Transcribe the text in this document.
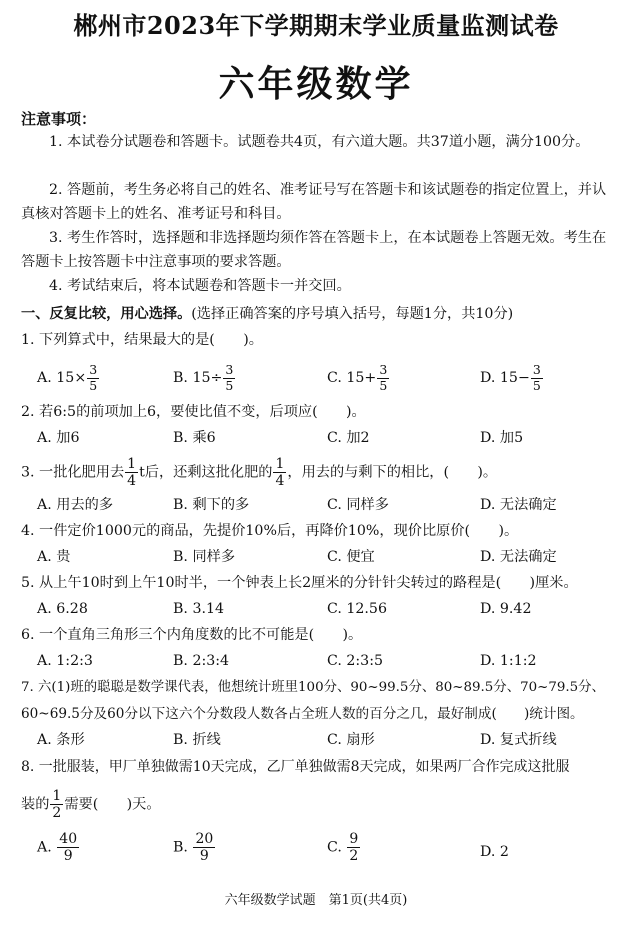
郴州市2023年下学期期末学业质量监测试卷
六年级数学
注意事项：
1. 本试卷分试题卷和答题卡。试题卷共4页，有六道大题。共37道小题，满分100分。
2. 答题前，考生务必将自己的姓名、准考证号写在答题卡和该试题卷的指定位置上，并认真核对答题卡上的姓名、准考证号和科目。
3. 考生作答时，选择题和非选择题均须作答在答题卡上，在本试题卷上答题无效。考生在答题卡上按答题卡中注意事项的要求答题。
4. 考试结束后，将本试题卷和答题卡一并交回。
一、反复比较，用心选择。(选择正确答案的序号填入括号，每题1分，共10分)
1. 下列算式中，结果最大的是(　　)。
A. $15\times \frac{3}{5}$	B. $15\div \frac{3}{5}$	C. $15+ \frac{3}{5}$	D. $15- \frac{3}{5}$
2. 若6:5的前项加上6，要使比值不变，后项应(　　)。
A. 加6	B. 乘6	C. 加2	D. 加5
3. 一批化肥用去 $\frac{1}{4}$ t后，还剩这批化肥的 $\frac{1}{4}$ ，用去的与剩下的相比，(　　)。
A. 用去的多	B. 剩下的多	C. 同样多	D. 无法确定
4. 一件定价1000元的商品，先提价10%后，再降价10%，现价比原价(　　)。
A. 贵	B. 同样多	C. 便宜	D. 无法确定
5. 从上午10时到上午10时半，一个钟表上长2厘米的分针针尖转过的路程是(　　)厘米。
A. 6.28	B. 3.14	C. 12.56	D. 9.42
6. 一个直角三角形三个内角度数的比不可能是(　　)。
A. 1:2:3	B. 2:3:4	C. 2:3:5	D. 1:1:2
7. 六(1)班的聪聪是数学课代表，他想统计班里100分、90~99.5分、80~89.5分、70~79.5分、
60~69.5分及60分以下这六个分数段人数各占全班人数的百分之几，最好制成(　　)统计图。
A. 条形	B. 折线	C. 扇形	D. 复式折线
8. 一批服装，甲厂单独做需10天完成，乙厂单独做需8天完成，如果两厂合作完成这批服
装的 $\frac{1}{2}$ 需要(　　)天。
A. $\frac{40}{9}$	B. $\frac{20}{9}$	C. $\frac{9}{2}$	D. 2
六年级数学试题　第1页(共4页)
